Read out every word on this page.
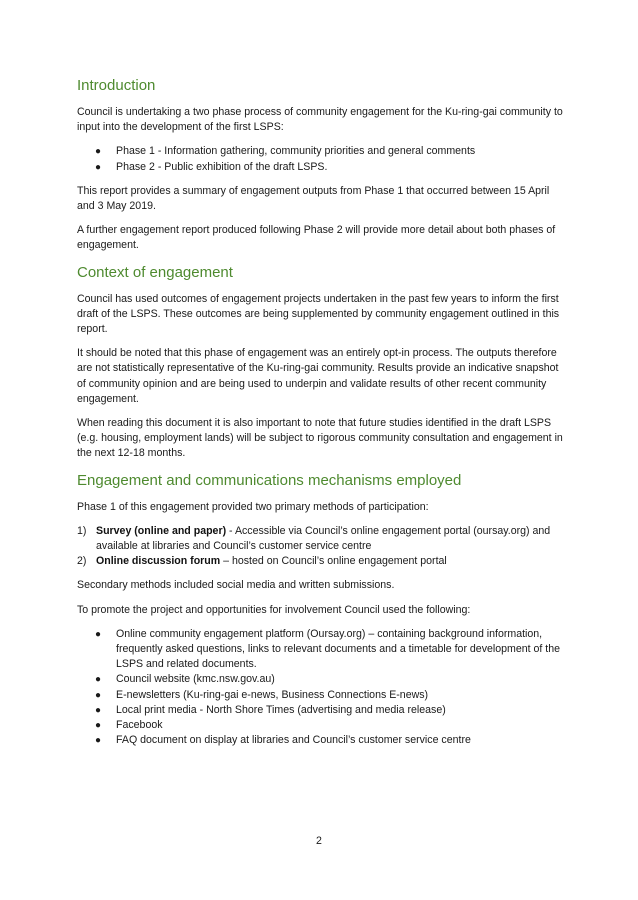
Introduction

Council is undertaking a two phase process of community engagement for the Ku-ring-gai community to input into the development of the first LSPS:

● Phase 1 - Information gathering, community priorities and general comments
● Phase 2 - Public exhibition of the draft LSPS.

This report provides a summary of engagement outputs from Phase 1 that occurred between 15 April and 3 May 2019.

A further engagement report produced following Phase 2 will provide more detail about both phases of engagement.

Context of engagement

Council has used outcomes of engagement projects undertaken in the past few years to inform the first draft of the LSPS. These outcomes are being supplemented by community engagement outlined in this report.

It should be noted that this phase of engagement was an entirely opt-in process. The outputs therefore are not statistically representative of the Ku-ring-gai community. Results provide an indicative snapshot of community opinion and are being used to underpin and validate results of other recent community engagement.

When reading this document it is also important to note that future studies identified in the draft LSPS (e.g. housing, employment lands) will be subject to rigorous community consultation and engagement in the next 12-18 months.

Engagement and communications mechanisms employed

Phase 1 of this engagement provided two primary methods of participation:

1) Survey (online and paper) - Accessible via Council’s online engagement portal (oursay.org) and available at libraries and Council’s customer service centre
2) Online discussion forum – hosted on Council’s online engagement portal

Secondary methods included social media and written submissions.

To promote the project and opportunities for involvement Council used the following:

● Online community engagement platform (Oursay.org) – containing background information, frequently asked questions, links to relevant documents and a timetable for development of the LSPS and related documents.
● Council website (kmc.nsw.gov.au)
● E-newsletters (Ku-ring-gai e-news, Business Connections E-news)
● Local print media - North Shore Times (advertising and media release)
● Facebook
● FAQ document on display at libraries and Council’s customer service centre
2
